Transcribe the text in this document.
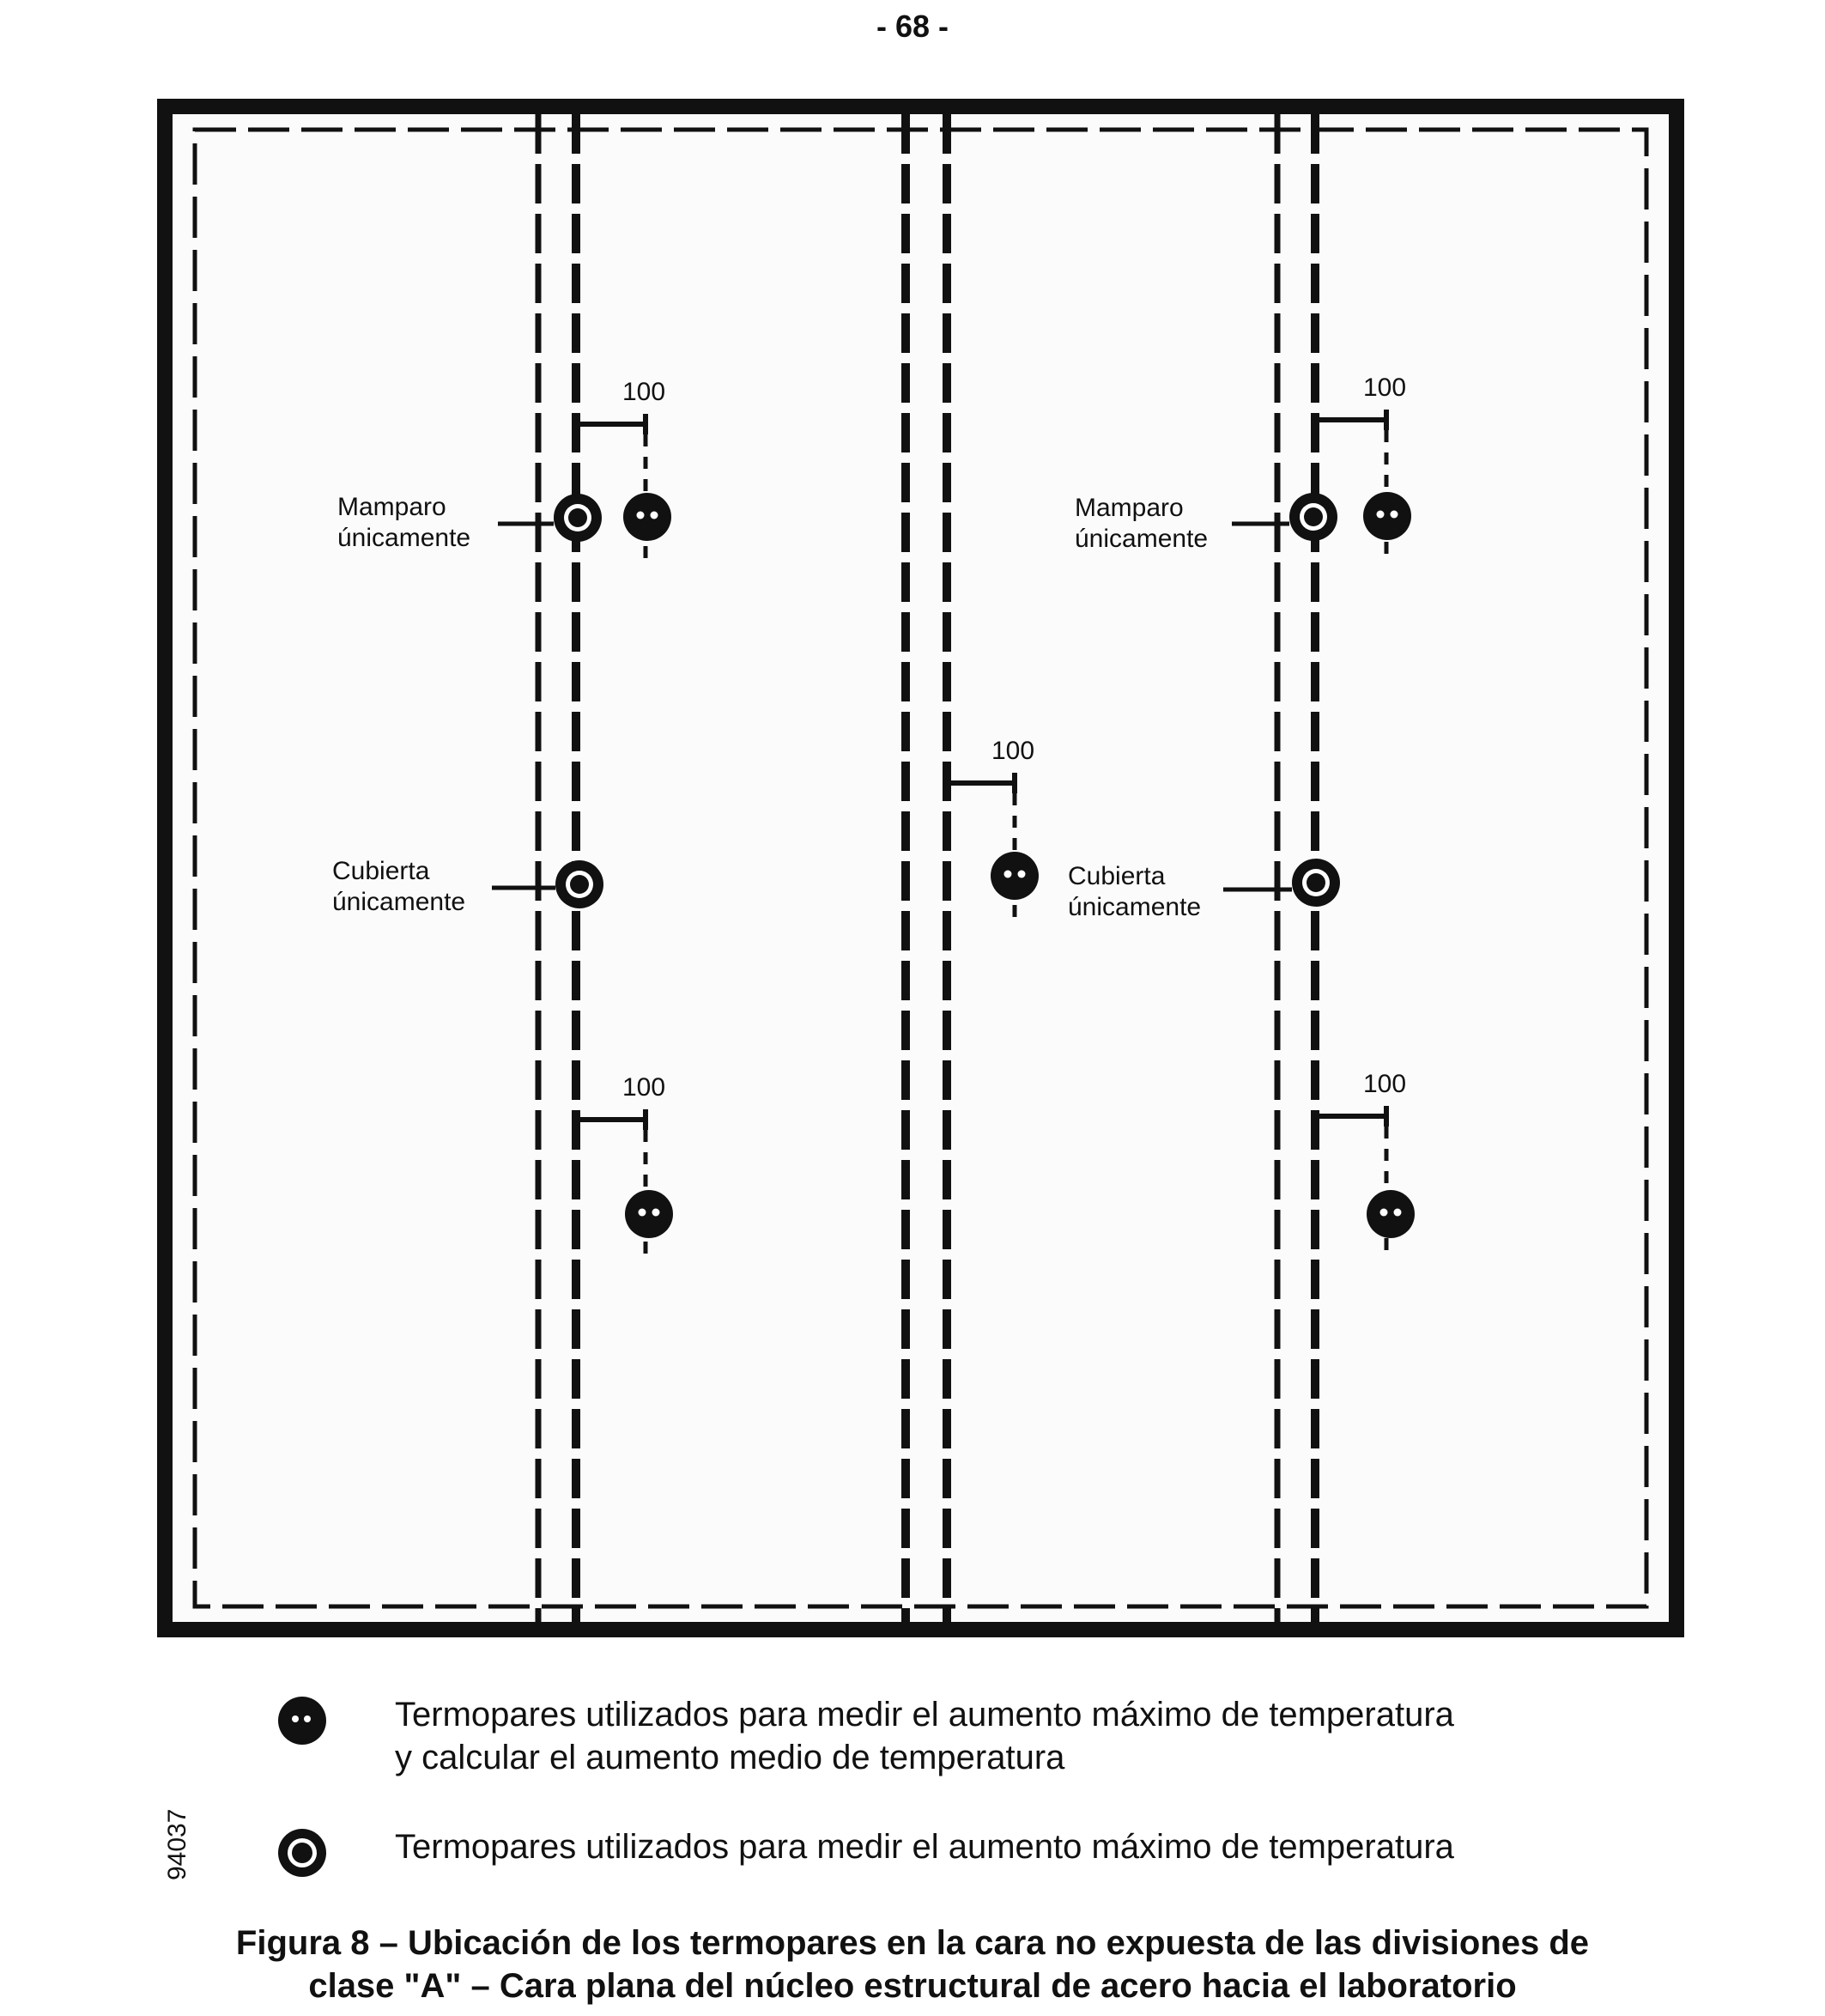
- 68 -
100	100
100
100	100
Mamparo
únicamente
Mamparo
únicamente
Cubierta
únicamente
Cubierta
únicamente
Termopares utilizados para medir el aumento máximo de temperatura
y calcular el aumento medio de temperatura
Termopares utilizados para medir el aumento máximo de temperatura
94037
Figura 8 – Ubicación de los termopares en la cara no expuesta de las divisiones de
clase "A" – Cara plana del núcleo estructural de acero hacia el laboratorio
